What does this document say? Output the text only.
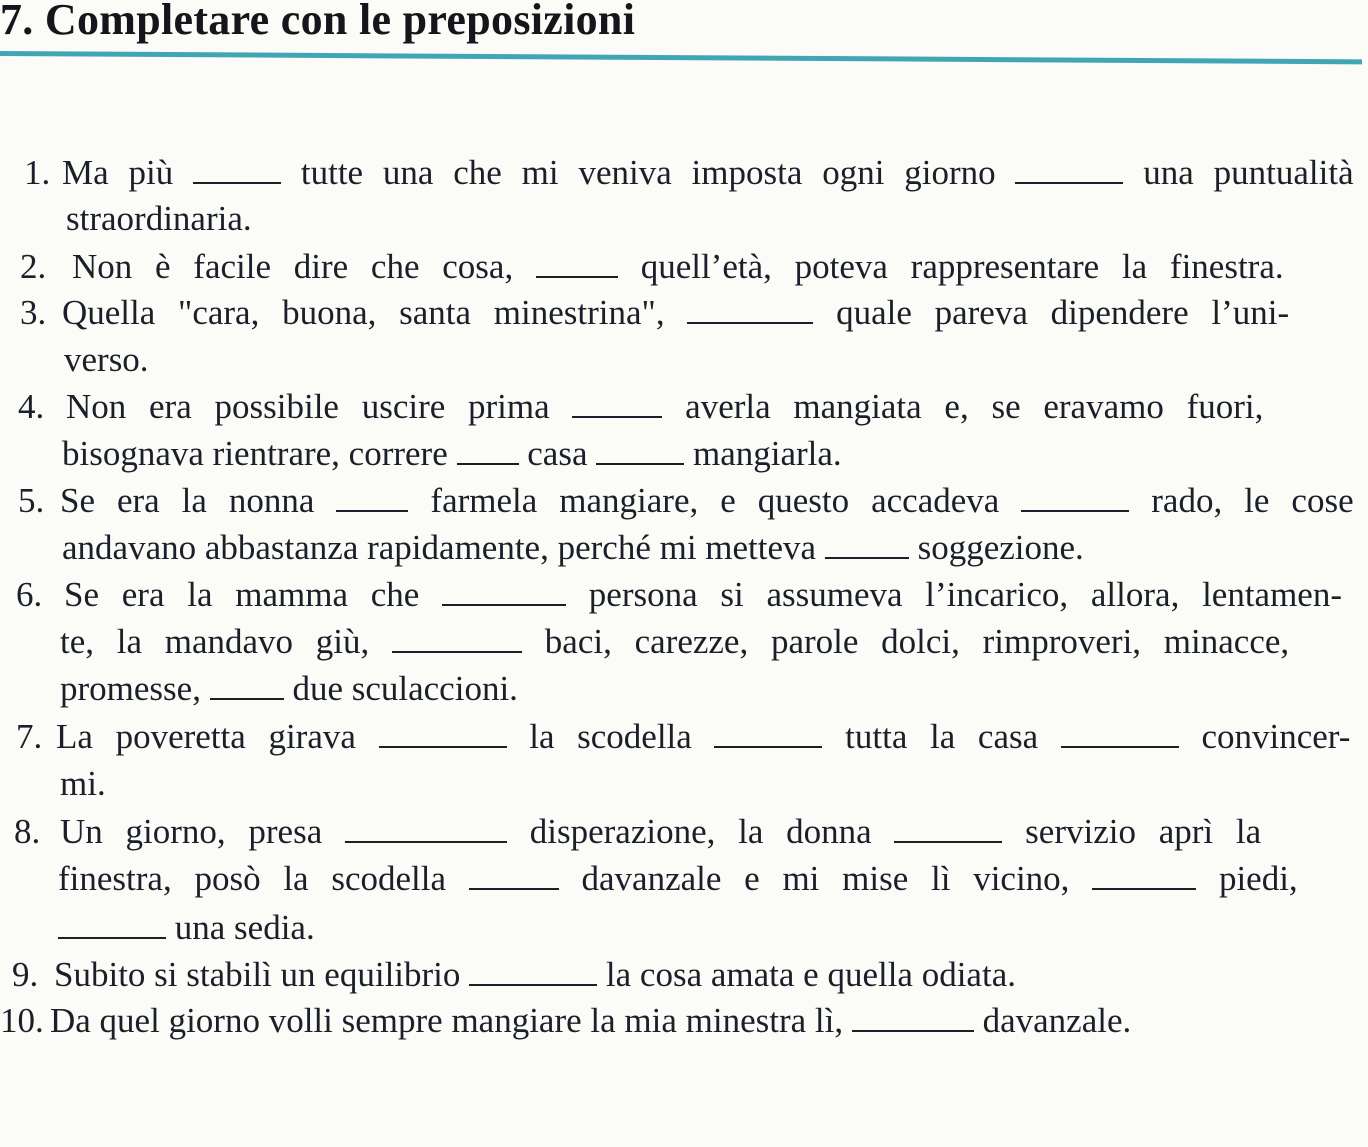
7. Completare con le preposizioni
1. Ma più	tutte una che mi veniva imposta ogni giorno	una puntualità
straordinaria.
2. Non è facile dire che cosa,  quell’età, poteva rappresentare la finestra.
3. Quella "cara, buona, santa minestrina",	quale pareva dipendere l’uni-
verso.
4. Non era possibile uscire prima	averla mangiata e, se eravamo fuori,
bisognava rientrare, correre  casa	mangiarla.
5. Se era la nonna  farmela mangiare, e questo accadeva	rado, le cose
andavano abbastanza rapidamente, perché mi metteva  soggezione.
6. Se era la mamma che	persona si assumeva l’incarico, allora, lentamen-
te, la mandavo giù,	baci, carezze, parole dolci, rimproveri, minacce,
promesse,  due sculaccioni.
7. La poveretta girava	la scodella	tutta la casa	convincer-
mi.
8. Un giorno, presa	disperazione, la donna	servizio aprì la
finestra, posò la scodella	davanzale e mi mise lì vicino,	piedi,
una sedia.
9. Subito si stabilì un equilibrio	la cosa amata e quella odiata.
10. Da quel giorno volli sempre mangiare la mia minestra lì,	davanzale.
